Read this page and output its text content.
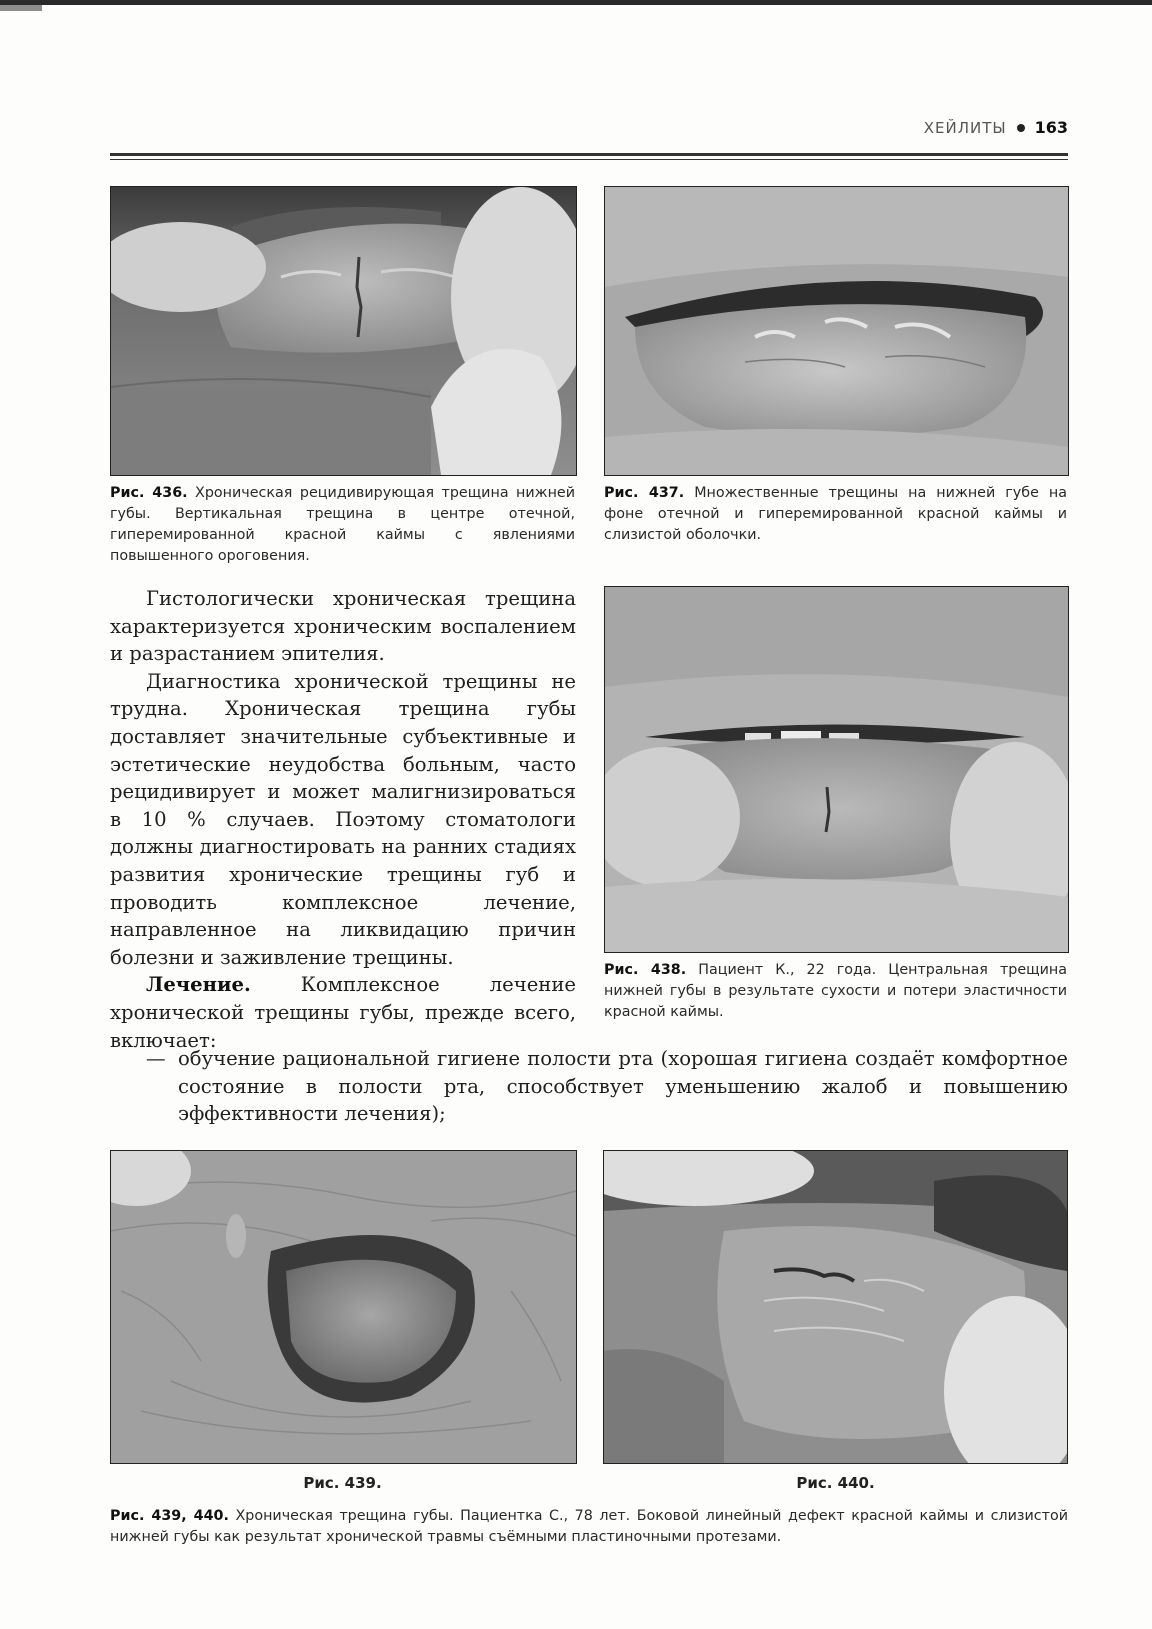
ХЕЙЛИТЫ 163
Рис. 436. Хроническая рецидивирующая трещина нижней губы. Вертикальная трещина в центре отечной, гиперемированной красной каймы с явлениями повышенного ороговения.
Рис. 437. Множественные трещины на нижней губе на фоне отечной и гиперемированной красной каймы и слизистой оболочки.
Рис. 438. Пациент К., 22 года. Центральная трещина нижней губы в результате сухости и потери эластичности красной каймы.

Гистологически хроническая трещина характеризуется хроническим воспалением и разрастанием эпителия.

Диагностика хронической трещины не трудна. Хроническая трещина губы доставляет значительные субъективные и эстетические неудобства больным, часто рецидивирует и может малигнизироваться в 10 % случаев. Поэтому стоматологи должны диагностировать на ранних стадиях развития хронические трещины губ и проводить комплексное лечение, направленное на ликвидацию причин болезни и заживление трещины.

Лечение.	Комплексное лечение хронической трещины губы, прежде всего, включает:

— обучение рациональной гигиене полости рта (хорошая гигиена создаёт комфортное состояние в полости рта, способствует уменьшению жалоб и повышению эффективности лечения);
Рис. 439.	Рис. 440.
Рис. 439, 440. Хроническая трещина губы. Пациентка С., 78 лет. Боковой линейный дефект красной каймы и слизистой нижней губы как результат хронической травмы съёмными пластиночными протезами.
